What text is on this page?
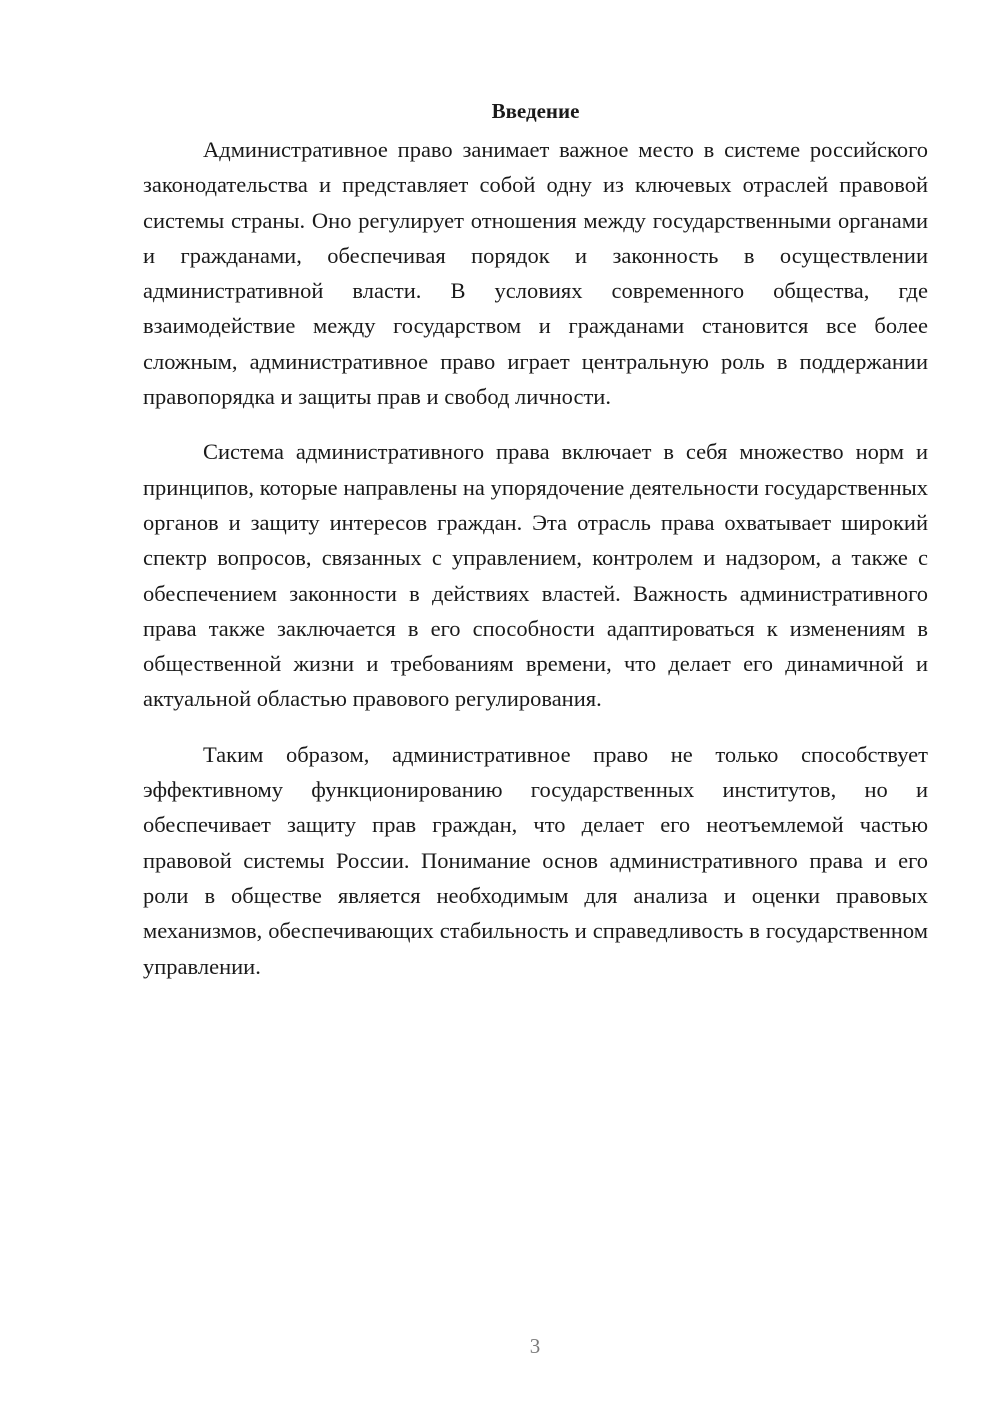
Введение

Административное право занимает важное место в системе российского законодательства и представляет собой одну из ключевых отраслей правовой системы страны. Оно регулирует отношения между государственными органами и гражданами, обеспечивая порядок и законность в осуществлении административной власти. В условиях современного общества, где взаимодействие между государством и гражданами становится все более сложным, административное право играет центральную роль в поддержании правопорядка и защиты прав и свобод личности.

Система административного права включает в себя множество норм и принципов, которые направлены на упорядочение деятельности государственных органов и защиту интересов граждан. Эта отрасль права охватывает широкий спектр вопросов, связанных с управлением, контролем и надзором, а также с обеспечением законности в действиях властей. Важность административного права также заключается в его способности адаптироваться к изменениям в общественной жизни и требованиям времени, что делает его динамичной и актуальной областью правового регулирования.

Таким образом, административное право не только способствует эффективному функционированию государственных институтов, но и обеспечивает защиту прав граждан, что делает его неотъемлемой частью правовой системы России. Понимание основ административного права и его роли в обществе является необходимым для анализа и оценки правовых механизмов, обеспечивающих стабильность и справедливость в государственном управлении.

3
